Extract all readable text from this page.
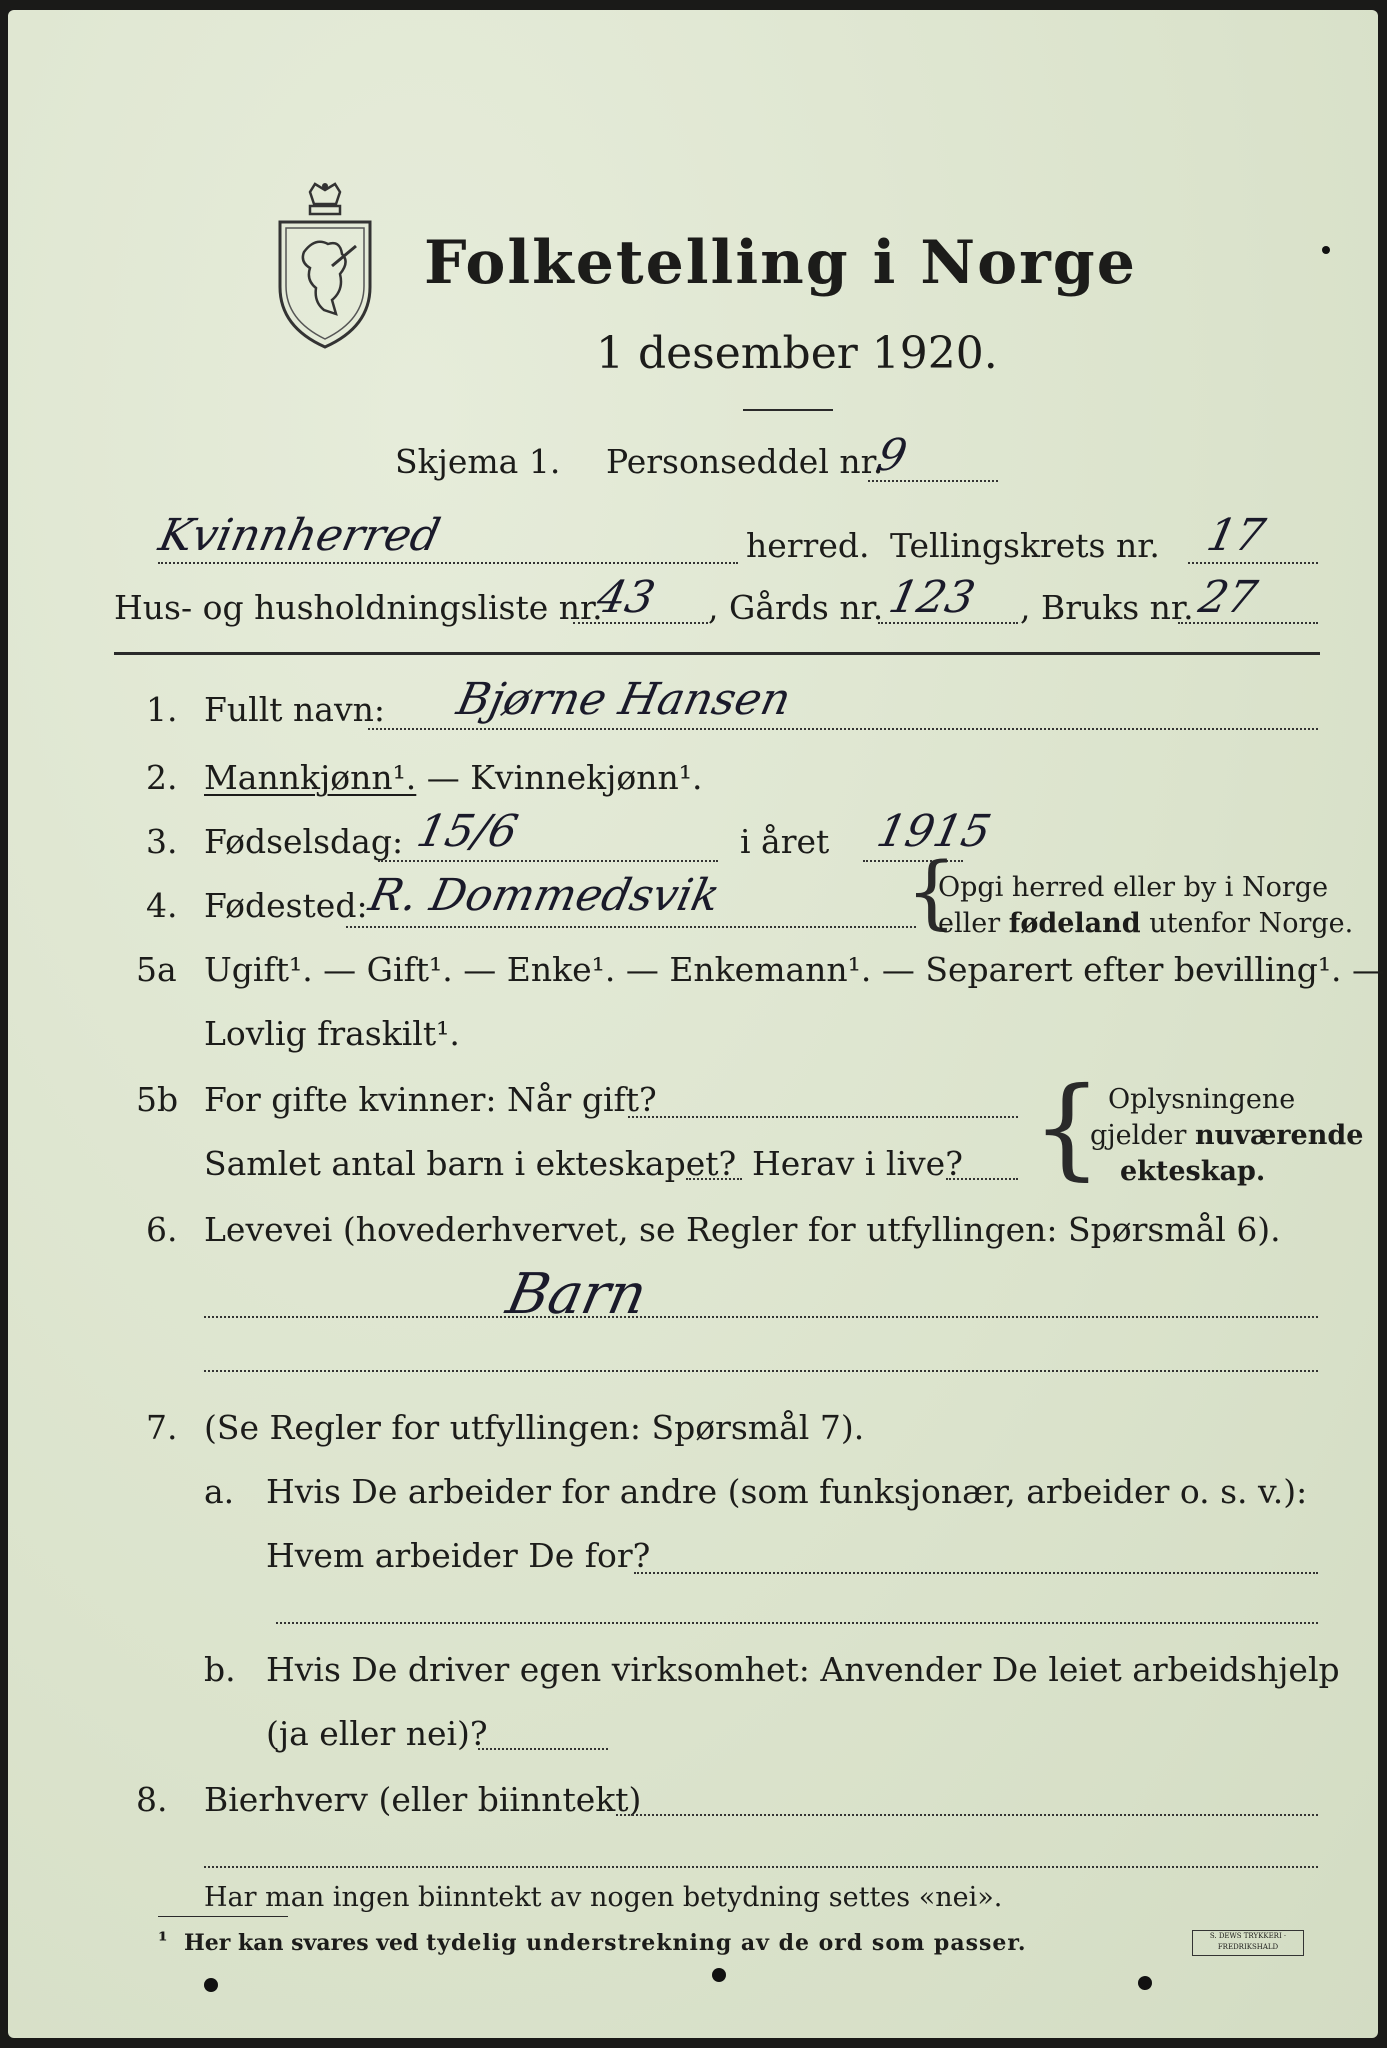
⠀
Folketelling i Norge
1 desember 1920.
Skjema 1. Personseddel nr.
9
Kvinnherred	herred. Tellingskrets nr. 17
Hus- og husholdningsliste nr.
43 , Gårds nr. 123 , Bruks nr. 27
1. Fullt navn: Bjørne Hansen
2. Mannkjønn¹. — Kvinnekjønn¹.
3. Fødselsdag: 15/6	i året 1915
4. Fødested:
R. Dommedsvik {
Opgi herred eller by i Norge
eller fødeland utenfor Norge.
5a Ugift¹. — Gift¹. — Enke¹. — Enkemann¹. — Separert efter bevilling¹. —
Lovlig fraskilt¹.
5b For gifte kvinner: Når gift?
Samlet antal barn i ekteskapet? Herav i live? { Oplysningene
gjelder nuværende
ekteskap.
6. Levevei (hovederhvervet, se Regler for utfyllingen: Spørsmål 6).
Barn
7. (Se Regler for utfyllingen: Spørsmål 7).
a. Hvis De arbeider for andre (som funksjonær, arbeider o. s. v.):
Hvem arbeider De for?
b. Hvis De driver egen virksomhet: Anvender De leiet arbeidshjelp
(ja eller nei)?
8. Bierhverv (eller biinntekt)
Har man ingen biinntekt av nogen betydning settes «nei».
¹ Her kan svares ved tydelig understrekning av de ord som passer.	S. DEWS TRYKKERI · FREDRIKSHALD
